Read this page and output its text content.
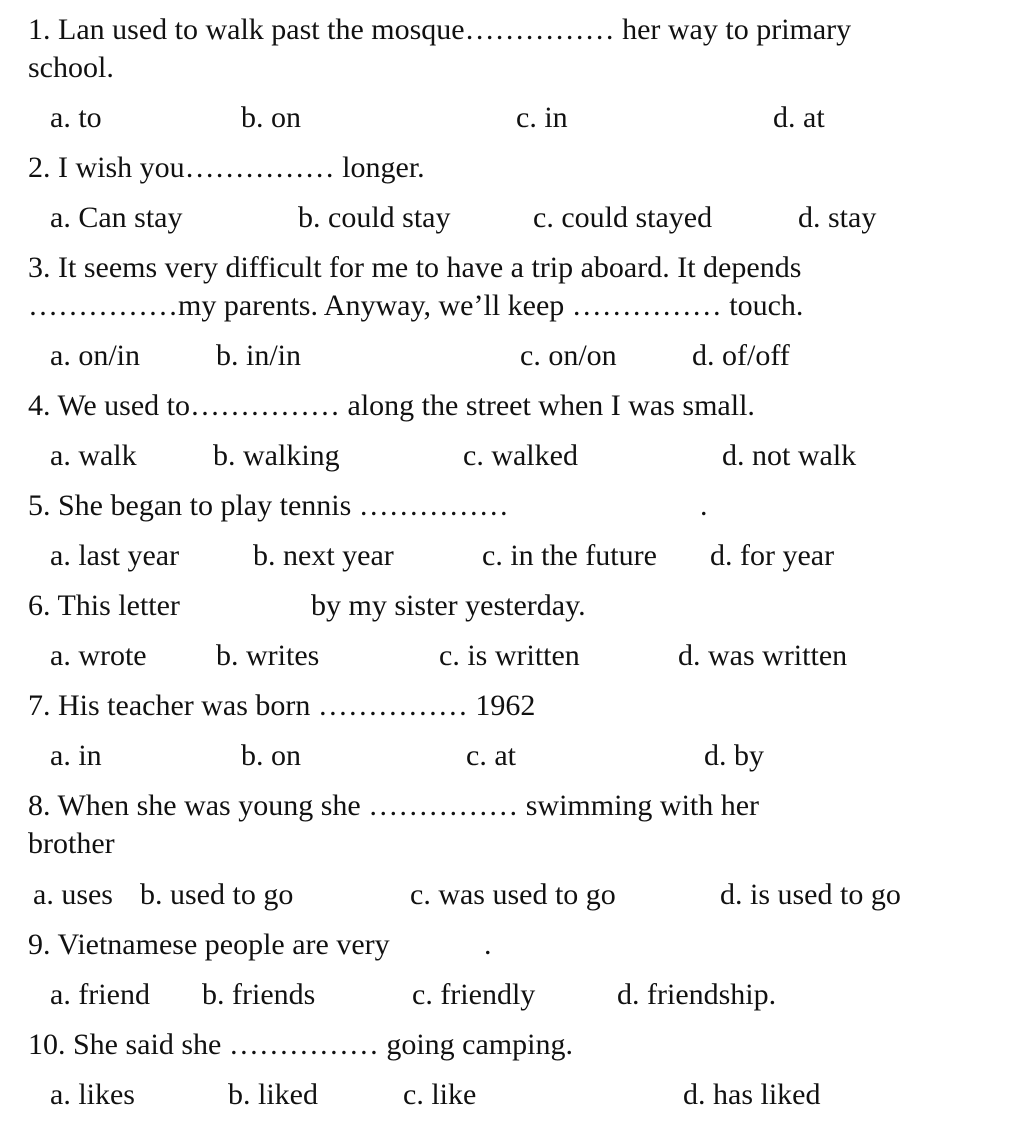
1. Lan used to walk past the mosque…………… her way to primary
school.
a. to	b. on	c. in	d. at
2. I wish you…………… longer.
a. Can stay	b. could stay	c. could stayed	d. stay
3. It seems very difficult for me to have a trip aboard. It depends
……………my parents. Anyway, we’ll keep …………… touch.
a. on/in	b. in/in	c. on/on	d. of/off
4. We used to…………… along the street when I was small.
a. walk	b. walking	c. walked	d. not walk
5. She began to play tennis ……………	.
a. last year b. next year	c. in the future d. for year
6. This letter	by my sister yesterday.
a. wrote b. writes	c. is written	d. was written
7. His teacher was born …………… 1962
a. in	b. on	c. at	d. by
8. When she was young she …………… swimming with her
brother
a. uses b. used to go	c. was used to go	d. is used to go
9. Vietnamese people are very	.
a. friend b. friends	c. friendly	d. friendship.
10. She said she …………… going camping.
a. likes	b. liked	c. like	d. has liked
